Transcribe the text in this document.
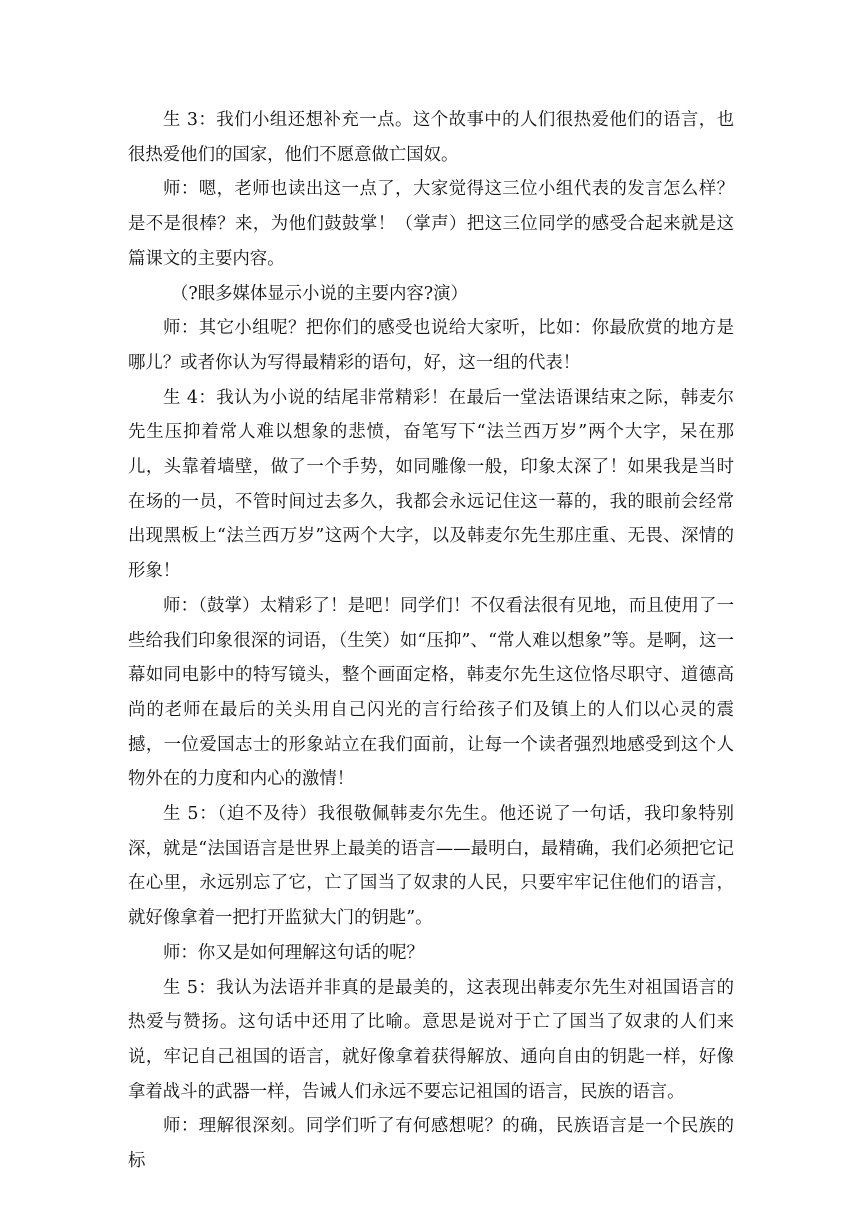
生 3：我们小组还想补充一点。这个故事中的人们很热爱他们的语言，也很热爱他们的国家，他们不愿意做亡国奴。

师：嗯，老师也读出这一点了，大家觉得这三位小组代表的发言怎么样？是不是很棒？来，为他们鼓鼓掌！（掌声）把这三位同学的感受合起来就是这篇课文的主要内容。

（?眼多媒体显示小说的主要内容?演）

师：其它小组呢？把你们的感受也说给大家听，比如：你最欣赏的地方是哪儿？或者你认为写得最精彩的语句，好，这一组的代表！

生 4：我认为小说的结尾非常精彩！在最后一堂法语课结束之际，韩麦尔先生压抑着常人难以想象的悲愤，奋笔写下“法兰西万岁”两个大字，呆在那儿，头靠着墙壁，做了一个手势，如同雕像一般，印象太深了！如果我是当时在场的一员，不管时间过去多久，我都会永远记住这一幕的，我的眼前会经常出现黑板上“法兰西万岁”这两个大字，以及韩麦尔先生那庄重、无畏、深情的形象！

师：（鼓掌）太精彩了！是吧！同学们！不仅看法很有见地，而且使用了一些给我们印象很深的词语，（生笑）如“压抑”、“常人难以想象”等。是啊，这一幕如同电影中的特写镜头，整个画面定格，韩麦尔先生这位恪尽职守、道德高尚的老师在最后的关头用自己闪光的言行给孩子们及镇上的人们以心灵的震撼，一位爱国志士的形象站立在我们面前，让每一个读者强烈地感受到这个人物外在的力度和内心的激情！

生 5：（迫不及待）我很敬佩韩麦尔先生。他还说了一句话，我印象特别深，就是“法国语言是世界上最美的语言——最明白，最精确，我们必须把它记在心里，永远别忘了它，亡了国当了奴隶的人民，只要牢牢记住他们的语言，就好像拿着一把打开监狱大门的钥匙”。

师：你又是如何理解这句话的呢？

生 5：我认为法语并非真的是最美的，这表现出韩麦尔先生对祖国语言的热爱与赞扬。这句话中还用了比喻。意思是说对于亡了国当了奴隶的人们来说，牢记自己祖国的语言，就好像拿着获得解放、通向自由的钥匙一样，好像拿着战斗的武器一样，告诫人们永远不要忘记祖国的语言，民族的语言。

师：理解很深刻。同学们听了有何感想呢？的确，民族语言是一个民族的标
